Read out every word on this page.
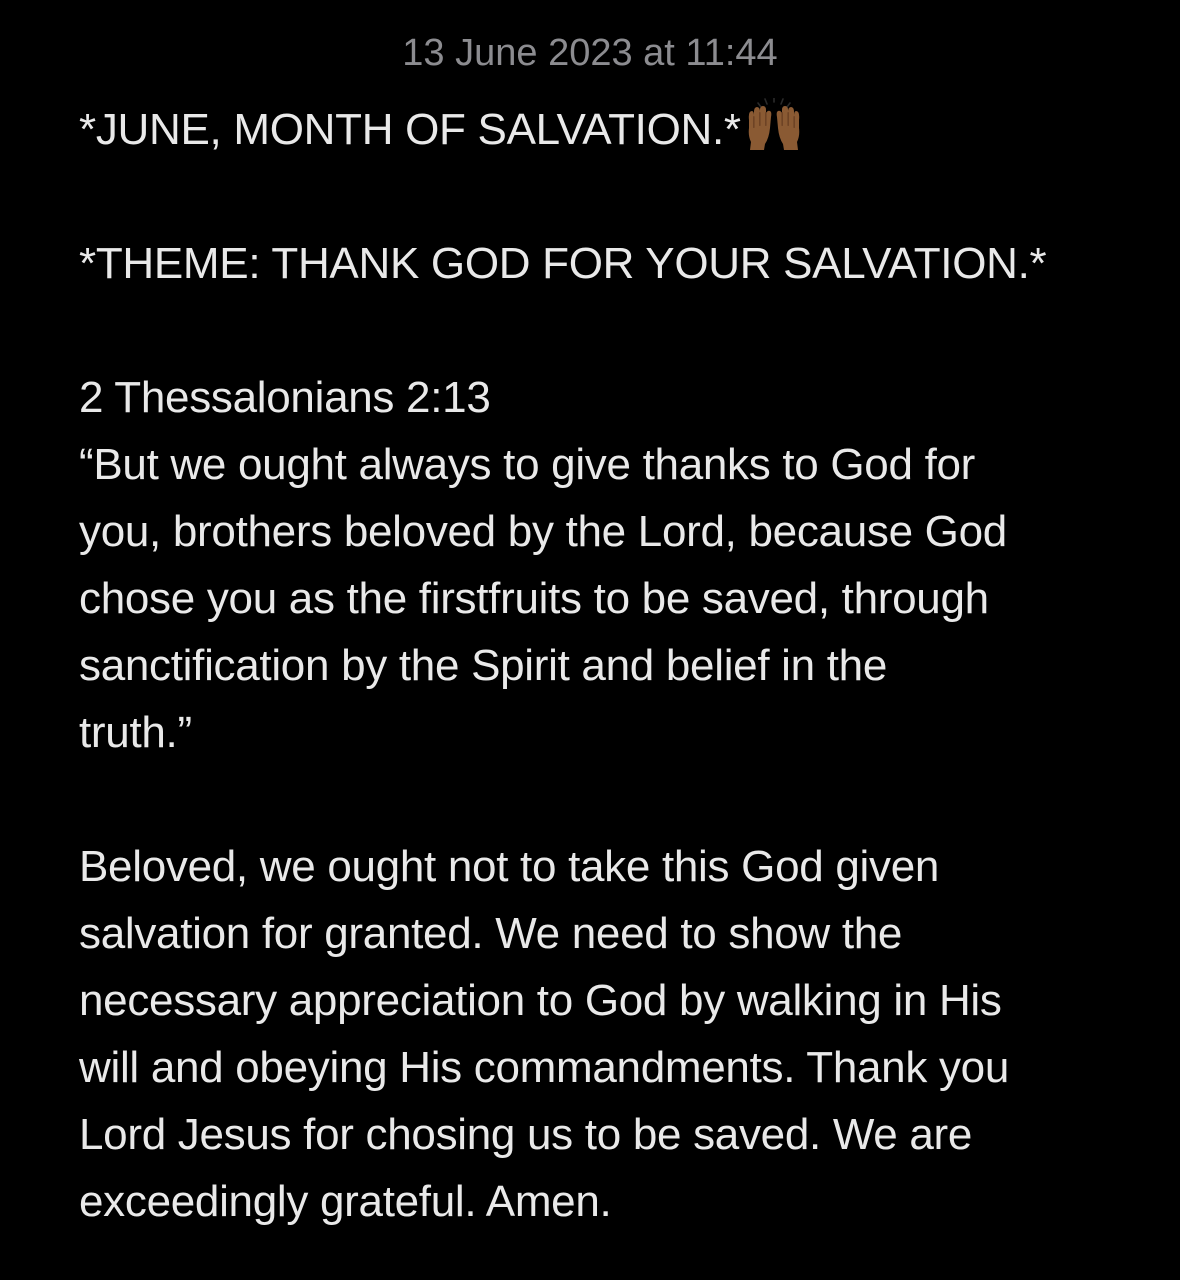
13 June 2023 at 11:44
*JUNE, MONTH OF SALVATION.*
*THEME: THANK GOD FOR YOUR SALVATION.*
2 Thessalonians 2:13
“But we ought always to give thanks to God for
you, brothers beloved by the Lord, because God
chose you as the firstfruits to be saved, through
sanctification by the Spirit and belief in the
truth.”
Beloved, we ought not to take this God given
salvation for granted. We need to show the
necessary appreciation to God by walking in His
will and obeying His commandments. Thank you
Lord Jesus for chosing us to be saved. We are
exceedingly grateful. Amen.
